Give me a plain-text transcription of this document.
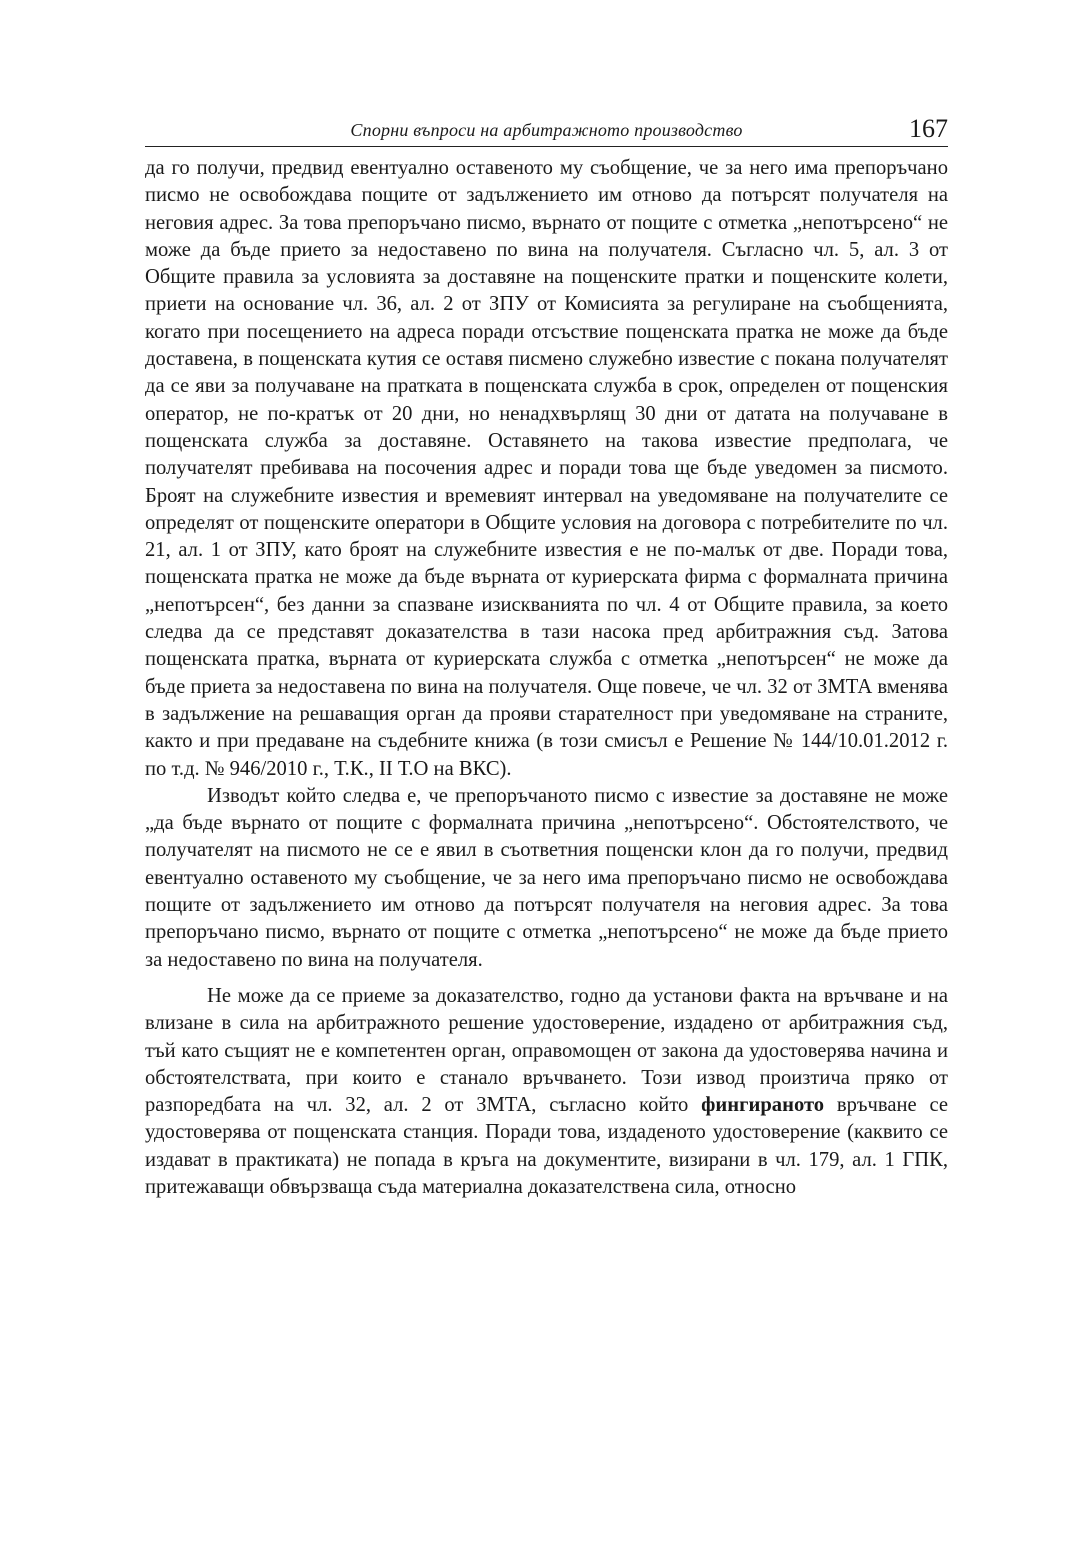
Спорни въпроси на арбитражното производство	167

да го получи, предвид евентуално оставеното му съобщение, че за него има препоръчано писмо не освобождава пощите от задължението им отново да потърсят получателя на неговия адрес. За това препоръчано писмо, върнато от пощите с отметка „непотърсено“ не може да бъде прието за недоставено по вина на получателя. Съгласно чл. 5, ал. 3 от Общите правила за условията за доставяне на пощенските пратки и пощенските колети, приети на основание чл. 36, ал. 2 от ЗПУ от Комисията за регулиране на съобщенията, когато при посещението на адреса поради отсъствие пощенската пратка не може да бъде доставена, в пощенската кутия се оставя писмено служебно известие с покана получателят да се яви за получаване на пратката в пощенската служба в срок, определен от пощенския оператор, не по-кратък от 20 дни, но ненадхвърлящ 30 дни от датата на получаване в пощенската служба за доставяне. Оставянето на такова известие предполага, че получателят пребивава на посочения адрес и поради това ще бъде уведомен за писмото. Броят на служебните известия и времевият интервал на уведомяване на получателите се определят от пощенските оператори в Общите условия на договора с потребителите по чл. 21, ал. 1 от ЗПУ, като броят на служебните известия е не по-малък от две. Поради това, пощенската пратка не може да бъде върната от куриерската фирма с формалната причина „непотърсен“, без данни за спазване изискванията по чл. 4 от Общите правила, за което следва да се представят доказателства в тази насока пред арбитражния съд. Затова пощенската пратка, върната от куриерската служба с отметка „непотърсен“ не може да бъде приета за недоставена по вина на получателя. Още повече, че чл. 32 от ЗМТА вменява в задължение на решаващия орган да прояви старателност при уведомяване на страните, както и при предаване на съдебните книжа (в този смисъл е Решение № 144/10.01.2012 г. по т.д. № 946/2010 г., Т.К., II Т.О на ВКС).

Изводът който следва е, че препоръчаното писмо с известие за доставяне не може „да бъде върнато от пощите с формалната причина „непотърсено“. Обстоятелството, че получателят на писмото не се е явил в съответния пощенски клон да го получи, предвид евентуално оставеното му съобщение, че за него има препоръчано писмо не освобождава пощите от задължението им отново да потърсят получателя на неговия адрес. За това препоръчано писмо, върнато от пощите с отметка „непотърсено“ не може да бъде прието за недоставено по вина на получателя.

Не може да се приеме за доказателство, годно да установи факта на връчване и на влизане в сила на арбитражното решение удостоверение, издадено от арбитражния съд, тъй като същият не е компетентен орган, оправомощен от закона да удостоверява начина и обстоятелствата, при които е станало връчването. Този извод произтича пряко от разпоредбата на чл. 32, ал. 2 от ЗМТА, съгласно който фингираното връчване се удостоверява от пощенската станция. Поради това, издаденото удостоверение (каквито се издават в практиката) не попада в кръга на документите, визирани в чл. 179, ал. 1 ГПК, притежаващи обвързваща съда материална доказателствена сила, относно
